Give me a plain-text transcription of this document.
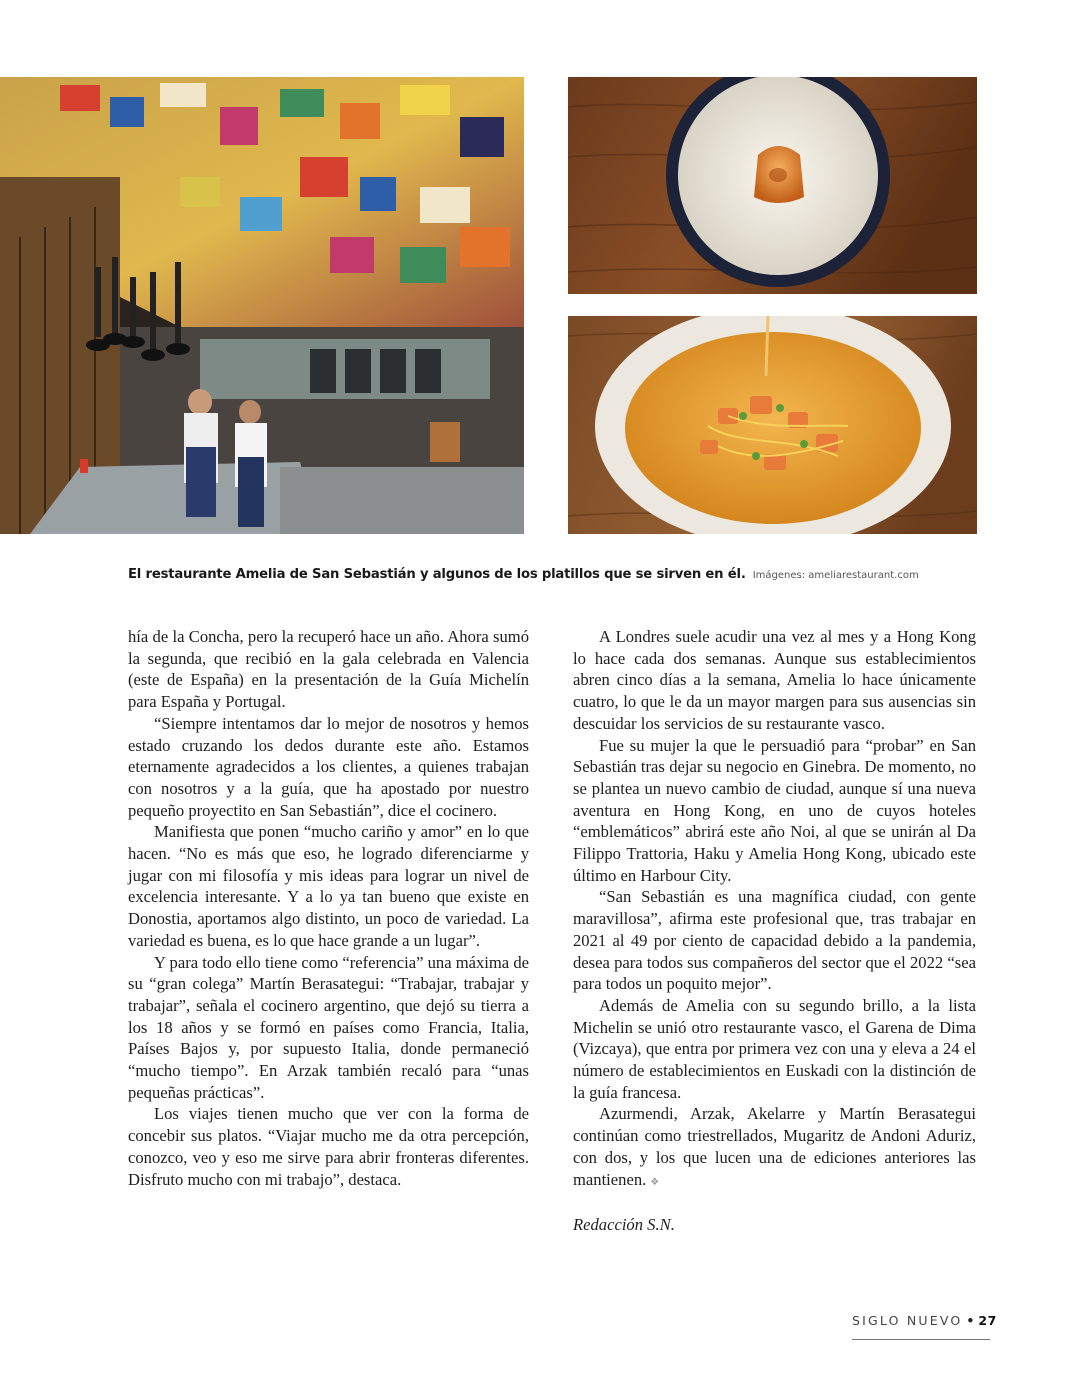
El restaurante Amelia de San Sebastián y algunos de los platillos que se sirven en él. Imágenes: ameliarestaurant.com

hía de la Concha, pero la recuperó hace un año. Ahora sumó la segunda, que recibió en la gala celebrada en Valencia (este de España) en la presentación de la Guía Michelín para España y Portugal.

“Siempre intentamos dar lo mejor de nosotros y hemos estado cruzando los dedos durante este año. Estamos eternamente agradecidos a los clientes, a quienes trabajan con nosotros y a la guía, que ha apostado por nuestro pequeño proyectito en San Sebastián”, dice el cocinero.

Manifiesta que ponen “mucho cariño y amor” en lo que hacen. “No es más que eso, he logrado diferenciarme y jugar con mi filosofía y mis ideas para lograr un nivel de excelencia interesante. Y a lo ya tan bueno que existe en Donostia, aportamos algo distinto, un poco de variedad. La variedad es buena, es lo que hace grande a un lugar”.

Y para todo ello tiene como “referencia” una máxima de su “gran colega” Martín Berasategui: “Trabajar, trabajar y trabajar”, señala el cocinero argentino, que dejó su tierra a los 18 años y se formó en países como Francia, Italia, Países Bajos y, por supuesto Italia, donde permaneció “mucho tiempo”. En Arzak también recaló para “unas pequeñas prácticas”.

Los viajes tienen mucho que ver con la forma de concebir sus platos. “Viajar mucho me da otra percepción, conozco, veo y eso me sirve para abrir fronteras diferentes. Disfruto mucho con mi trabajo”, destaca.

A Londres suele acudir una vez al mes y a Hong Kong lo hace cada dos semanas. Aunque sus establecimientos abren cinco días a la semana, Amelia lo hace únicamente cuatro, lo que le da un mayor margen para sus ausencias sin descuidar los servicios de su restaurante vasco.

Fue su mujer la que le persuadió para “probar” en San Sebastián tras dejar su negocio en Ginebra. De momento, no se plantea un nuevo cambio de ciudad, aunque sí una nueva aventura en Hong Kong, en uno de cuyos hoteles “emblemáticos” abrirá este año Noi, al que se unirán al Da Filippo Trattoria, Haku y Amelia Hong Kong, ubicado este último en Harbour City.

“San Sebastián es una magnífica ciudad, con gente maravillosa”, afirma este profesional que, tras trabajar en 2021 al 49 por ciento de capacidad debido a la pandemia, desea para todos sus compañeros del sector que el 2022 “sea para todos un poquito mejor”.

Además de Amelia con su segundo brillo, a la lista Michelin se unió otro restaurante vasco, el Garena de Dima (Vizcaya), que entra por primera vez con una y eleva a 24 el número de establecimientos en Euskadi con la distinción de la guía francesa.

Azurmendi, Arzak, Akelarre y Martín Berasategui continúan como triestrellados, Mugaritz de Andoni Aduriz, con dos, y los que lucen una de ediciones anteriores las mantienen. ❖

Redacción S.N.

SIGLO NUEVO • 27
